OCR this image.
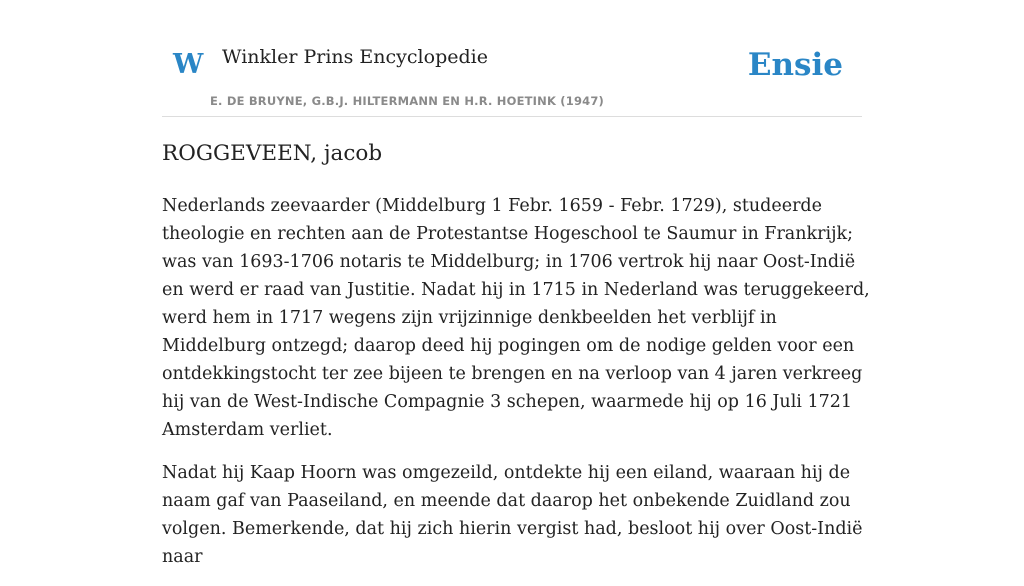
W Winkler Prins Encyclopedie
E. DE BRUYNE, G.B.J. HILTERMANN EN H.R. HOETINK (1947)
Ensie
ROGGEVEEN, jacob

Nederlands zeevaarder (Middelburg 1 Febr. 1659 - Febr. 1729), studeerde theologie en rechten aan de Protestantse Hogeschool te Saumur in Frankrijk; was van 1693-1706 notaris te Middelburg; in 1706 vertrok hij naar Oost-Indië en werd er raad van Justitie. Nadat hij in 1715 in Nederland was teruggekeerd, werd hem in 1717 wegens zijn vrijzinnige denkbeelden het verblijf in Middelburg ontzegd; daarop deed hij pogingen om de nodige gelden voor een ontdekkingstocht ter zee bijeen te brengen en na verloop van 4 jaren verkreeg hij van de West-Indische Compagnie 3 schepen, waarmede hij op 16 Juli 1721 Amsterdam verliet.

Nadat hij Kaap Hoorn was omgezeild, ontdekte hij een eiland, waaraan hij de naam gaf van Paaseiland, en meende dat daarop het onbekende Zuidland zou volgen. Bemerkende, dat hij zich hierin vergist had, besloot hij over Oost-Indië naar
